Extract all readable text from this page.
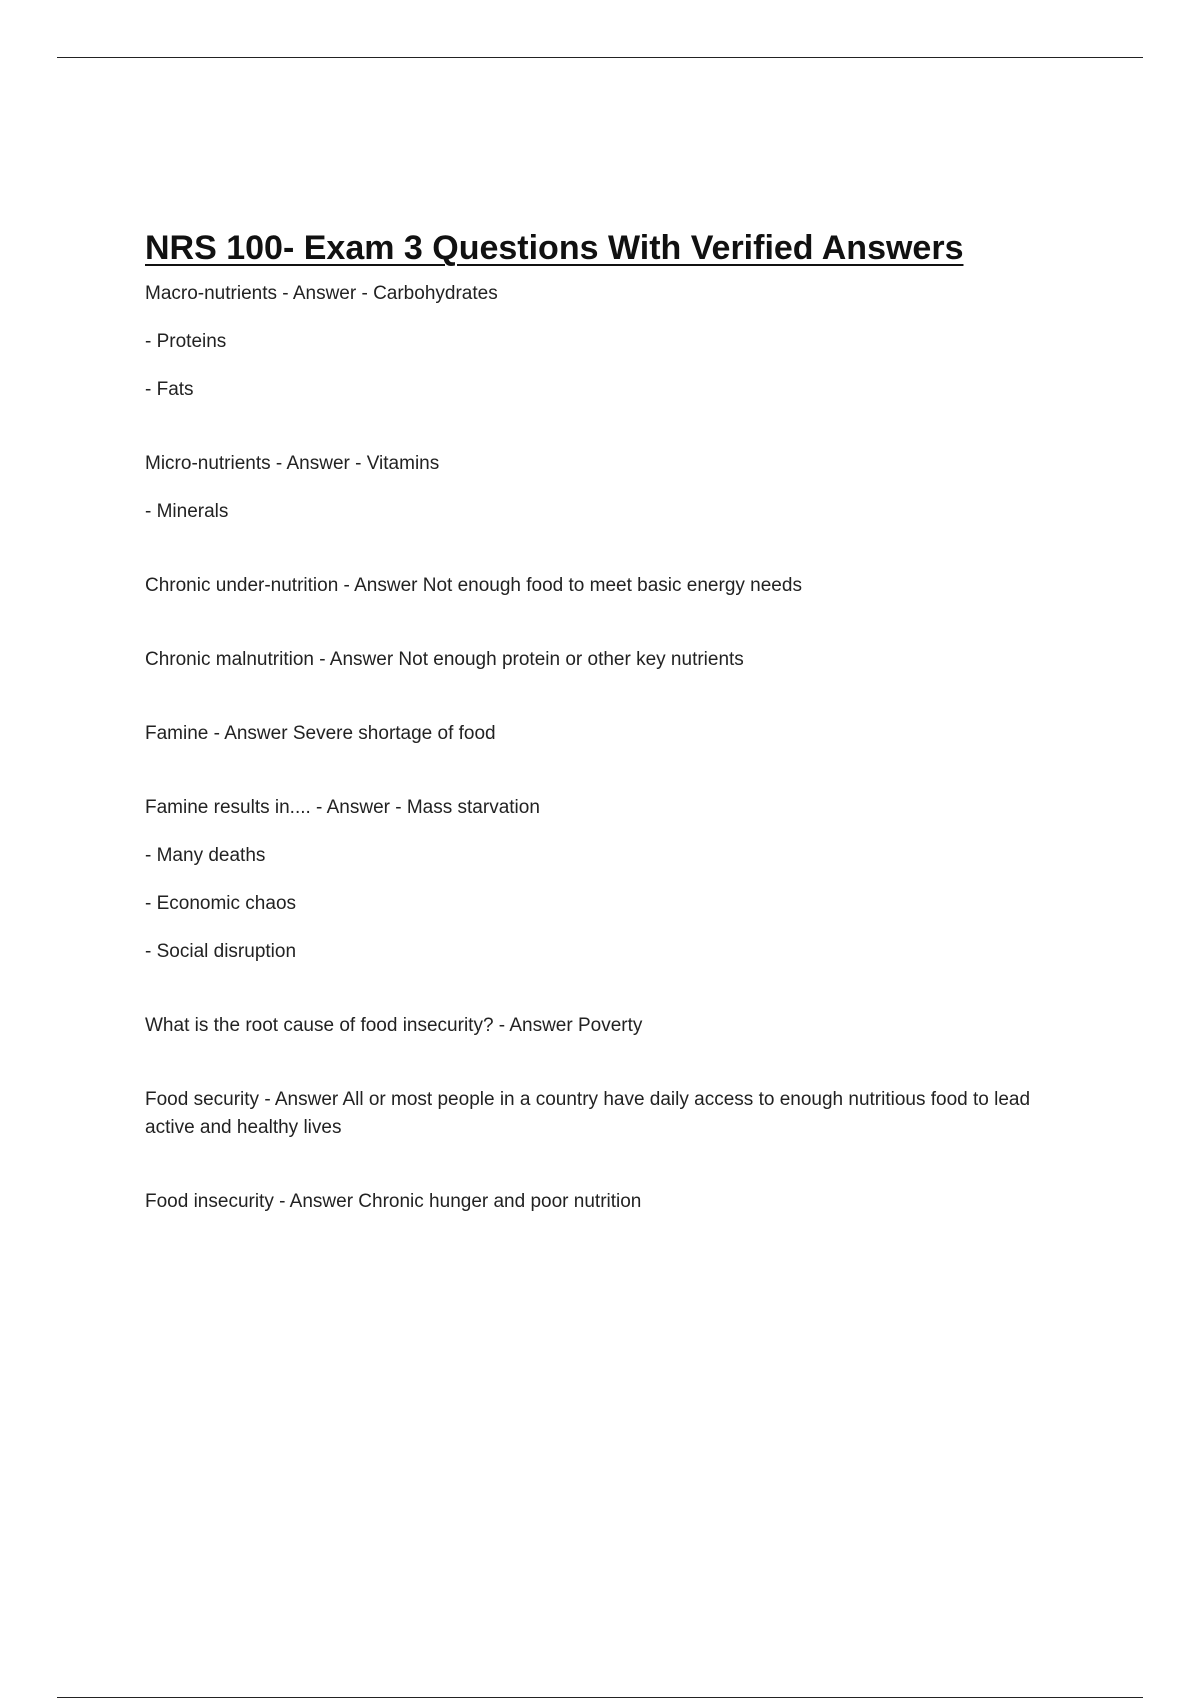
NRS 100- Exam 3 Questions With Verified Answers

Macro-nutrients - Answer - Carbohydrates

- Proteins

- Fats

Micro-nutrients - Answer - Vitamins

- Minerals

Chronic under-nutrition - Answer Not enough food to meet basic energy needs

Chronic malnutrition - Answer Not enough protein or other key nutrients

Famine - Answer Severe shortage of food

Famine results in.... - Answer - Mass starvation

- Many deaths

- Economic chaos

- Social disruption

What is the root cause of food insecurity? - Answer Poverty

Food security - Answer All or most people in a country have daily access to enough nutritious food to lead active and healthy lives

Food insecurity - Answer Chronic hunger and poor nutrition
